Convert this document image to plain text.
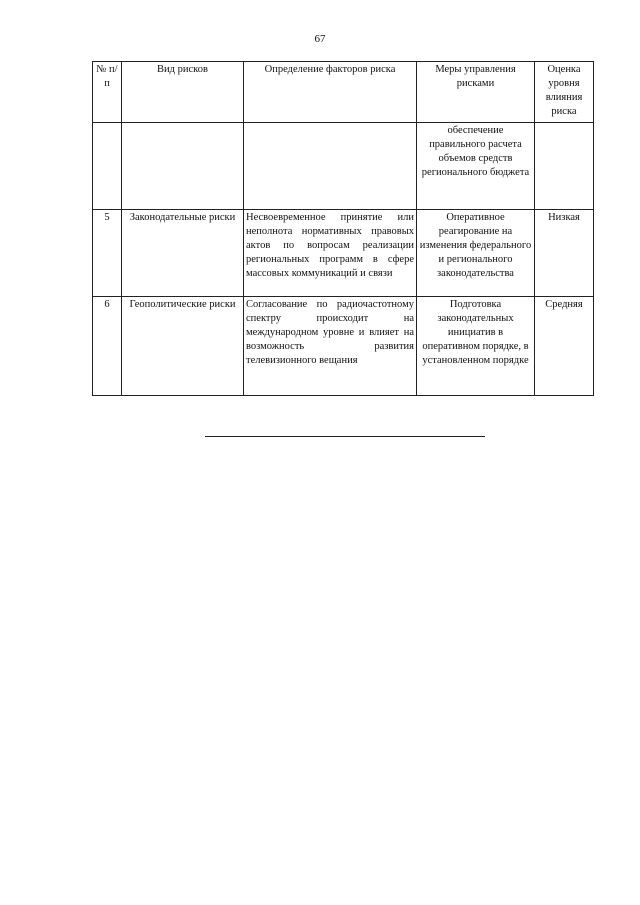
67
№ п/п	Вид рисков	Определение факторов риска	Меры управления рисками	Оценка уровня влияния риска
			обеспечение правильного расчета объемов средств регионального бюджета	
5	Законодательные риски	Несвоевременное принятие или неполнота нормативных правовых актов по вопросам реализации региональных программ в сфере массовых коммуникаций и связи	Оперативное реагирование на изменения федерального и регионального законодательства	Низкая
6	Геополитические риски	Согласование по радиочастотному спектру происходит на международном уровне и влияет на возможность развития телевизионного вещания	Подготовка законодательных инициатив в оперативном порядке, в установленном порядке	Средняя
